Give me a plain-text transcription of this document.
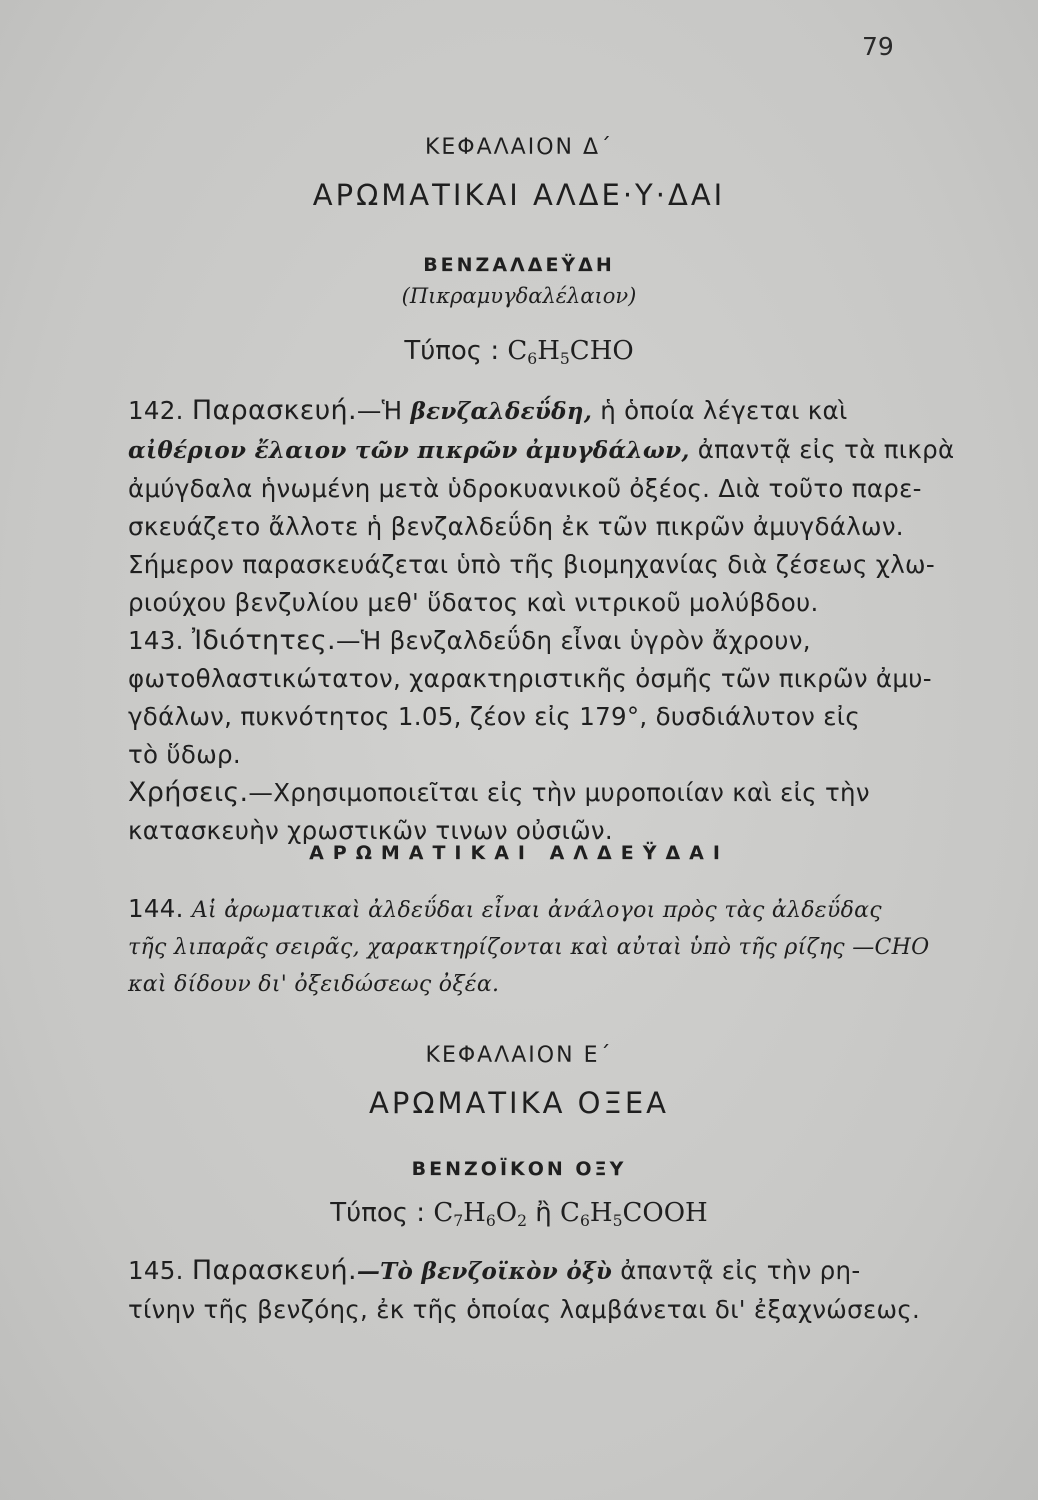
79
ΚΕΦΑΛΑΙΟΝ Δ΄
ΑΡΩΜΑΤΙΚΑΙ ΑΛΔΕ·Υ·ΔΑΙ
ΒΕΝΖΑΛΔΕΫΔΗ
(Πικραμυγδαλέλαιον)
Τύπος : $C_6H_5CHO$
142. Παρασκευή.—Ἡ βενζαλδεΰδη, ἡ ὁποία λέγεται καὶ
αἰθέριον ἔλαιον τῶν πικρῶν ἀμυγδάλων, ἀπαντᾷ εἰς τὰ πικρὰ
ἀμύγδαλα ἡνωμένη μετὰ ὑδροκυανικοῦ ὀξέος. Διὰ τοῦτο παρε-
σκευάζετο ἄλλοτε ἡ βενζαλδεΰδη ἐκ τῶν πικρῶν ἀμυγδάλων.
Σήμερον παρασκευάζεται ὑπὸ τῆς βιομηχανίας διὰ ζέσεως χλω-
ριούχου βενζυλίου μεθ' ὕδατος καὶ νιτρικοῦ μολύβδου.
143. Ἰδιότητες.—Ἡ βενζαλδεΰδη εἶναι ὑγρὸν ἄχρουν,
φωτοθλαστικώτατον, χαρακτηριστικῆς ὀσμῆς τῶν πικρῶν ἀμυ-
γδάλων, πυκνότητος 1.05, ζέον εἰς 179°, δυσδιάλυτον εἰς
τὸ ὕδωρ.
Χρήσεις.—Χρησιμοποιεῖται εἰς τὴν μυροποιίαν καὶ εἰς τὴν
κατασκευὴν χρωστικῶν τινων οὐσιῶν.
ΑΡΩΜΑΤΙΚΑΙ ΑΛΔΕΫΔΑΙ
144. Αἱ ἀρωματικαὶ ἀλδεΰδαι εἶναι ἀνάλογοι πρὸς τὰς ἀλδεΰδας
τῆς λιπαρᾶς σειρᾶς, χαρακτηρίζονται καὶ αὐταὶ ὑπὸ τῆς ρίζης —CHO
καὶ δίδουν δι' ὀξειδώσεως ὀξέα.
ΚΕΦΑΛΑΙΟΝ Ε΄
ΑΡΩΜΑΤΙΚΑ ΟΞΕΑ
ΒΕΝΖΟΪΚΟΝ ΟΞΥ
Τύπος : $C_7H_6O_2$ ἢ $C_6H_5COOH$
145. Παρασκευή.—Τὸ βενζοϊκὸν ὀξὺ ἀπαντᾷ εἰς τὴν ρη-
τίνην τῆς βενζόης, ἐκ τῆς ὁποίας λαμβάνεται δι' ἐξαχνώσεως.
